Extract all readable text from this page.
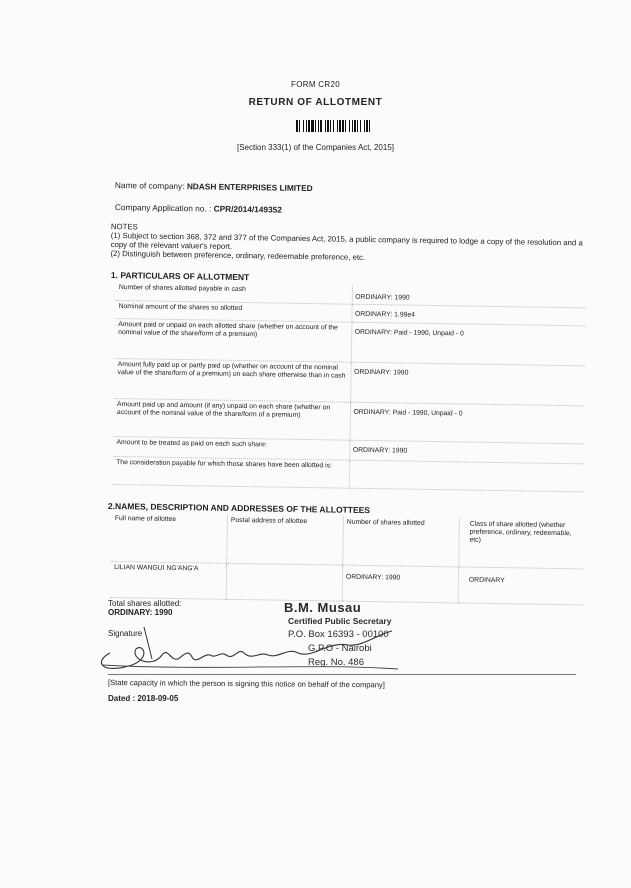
FORM CR20
RETURN OF ALLOTMENT
[Section 333(1) of the Companies Act, 2015]
Name of company: NDASH ENTERPRISES LIMITED
Company Application no. : CPR/2014/149352
NOTES
(1) Subject to section 368, 372 and 377 of the Companies Act, 2015, a public company is required to lodge a copy of the resolution and a copy of the relevant valuer's report.
(2) Distinguish between preference, ordinary, redeemable preference, etc.
1. PARTICULARS OF ALLOTMENT
Number of shares allotted payable in cash	ORDINARY: 1990
Nominal amount of the shares so allotted	ORDINARY: 1.99e4
Amount paid or unpaid on each allotted share (whether on account of the nominal value of the share/form of a premium)	ORDINARY: Paid - 1990, Unpaid - 0
Amount fully paid up or partly paid up (whether on account of the nominal value of the share/form of a premium) on each share otherwise than in cash	ORDINARY: 1990
Amount paid up and amount (if any) unpaid on each share (whether on account of the nominal value of the share/form of a premium)	ORDINARY: Paid - 1990, Unpaid - 0
Amount to be treated as paid on each such share:	ORDINARY: 1990
The consideration payable for which those shares have been allotted is:	
2.NAMES, DESCRIPTION AND ADDRESSES OF THE ALLOTTEES
Full name of allottee	Postal address of allottee	Number of shares allotted	Class of share allotted (whether preference, ordinary, redeemable, etc)
LILIAN WANGUI NG'ANG'A		ORDINARY: 1990	ORDINARY
Total shares allotted:
ORDINARY: 1990
Signature
B.M. Musau
Certified Public Secretary
P.O. Box 16393 - 00100
G.P.O - Nairobi
Reg. No. 486
[State capacity in which the person is signing this notice on behalf of the company]
Dated : 2018-09-05
